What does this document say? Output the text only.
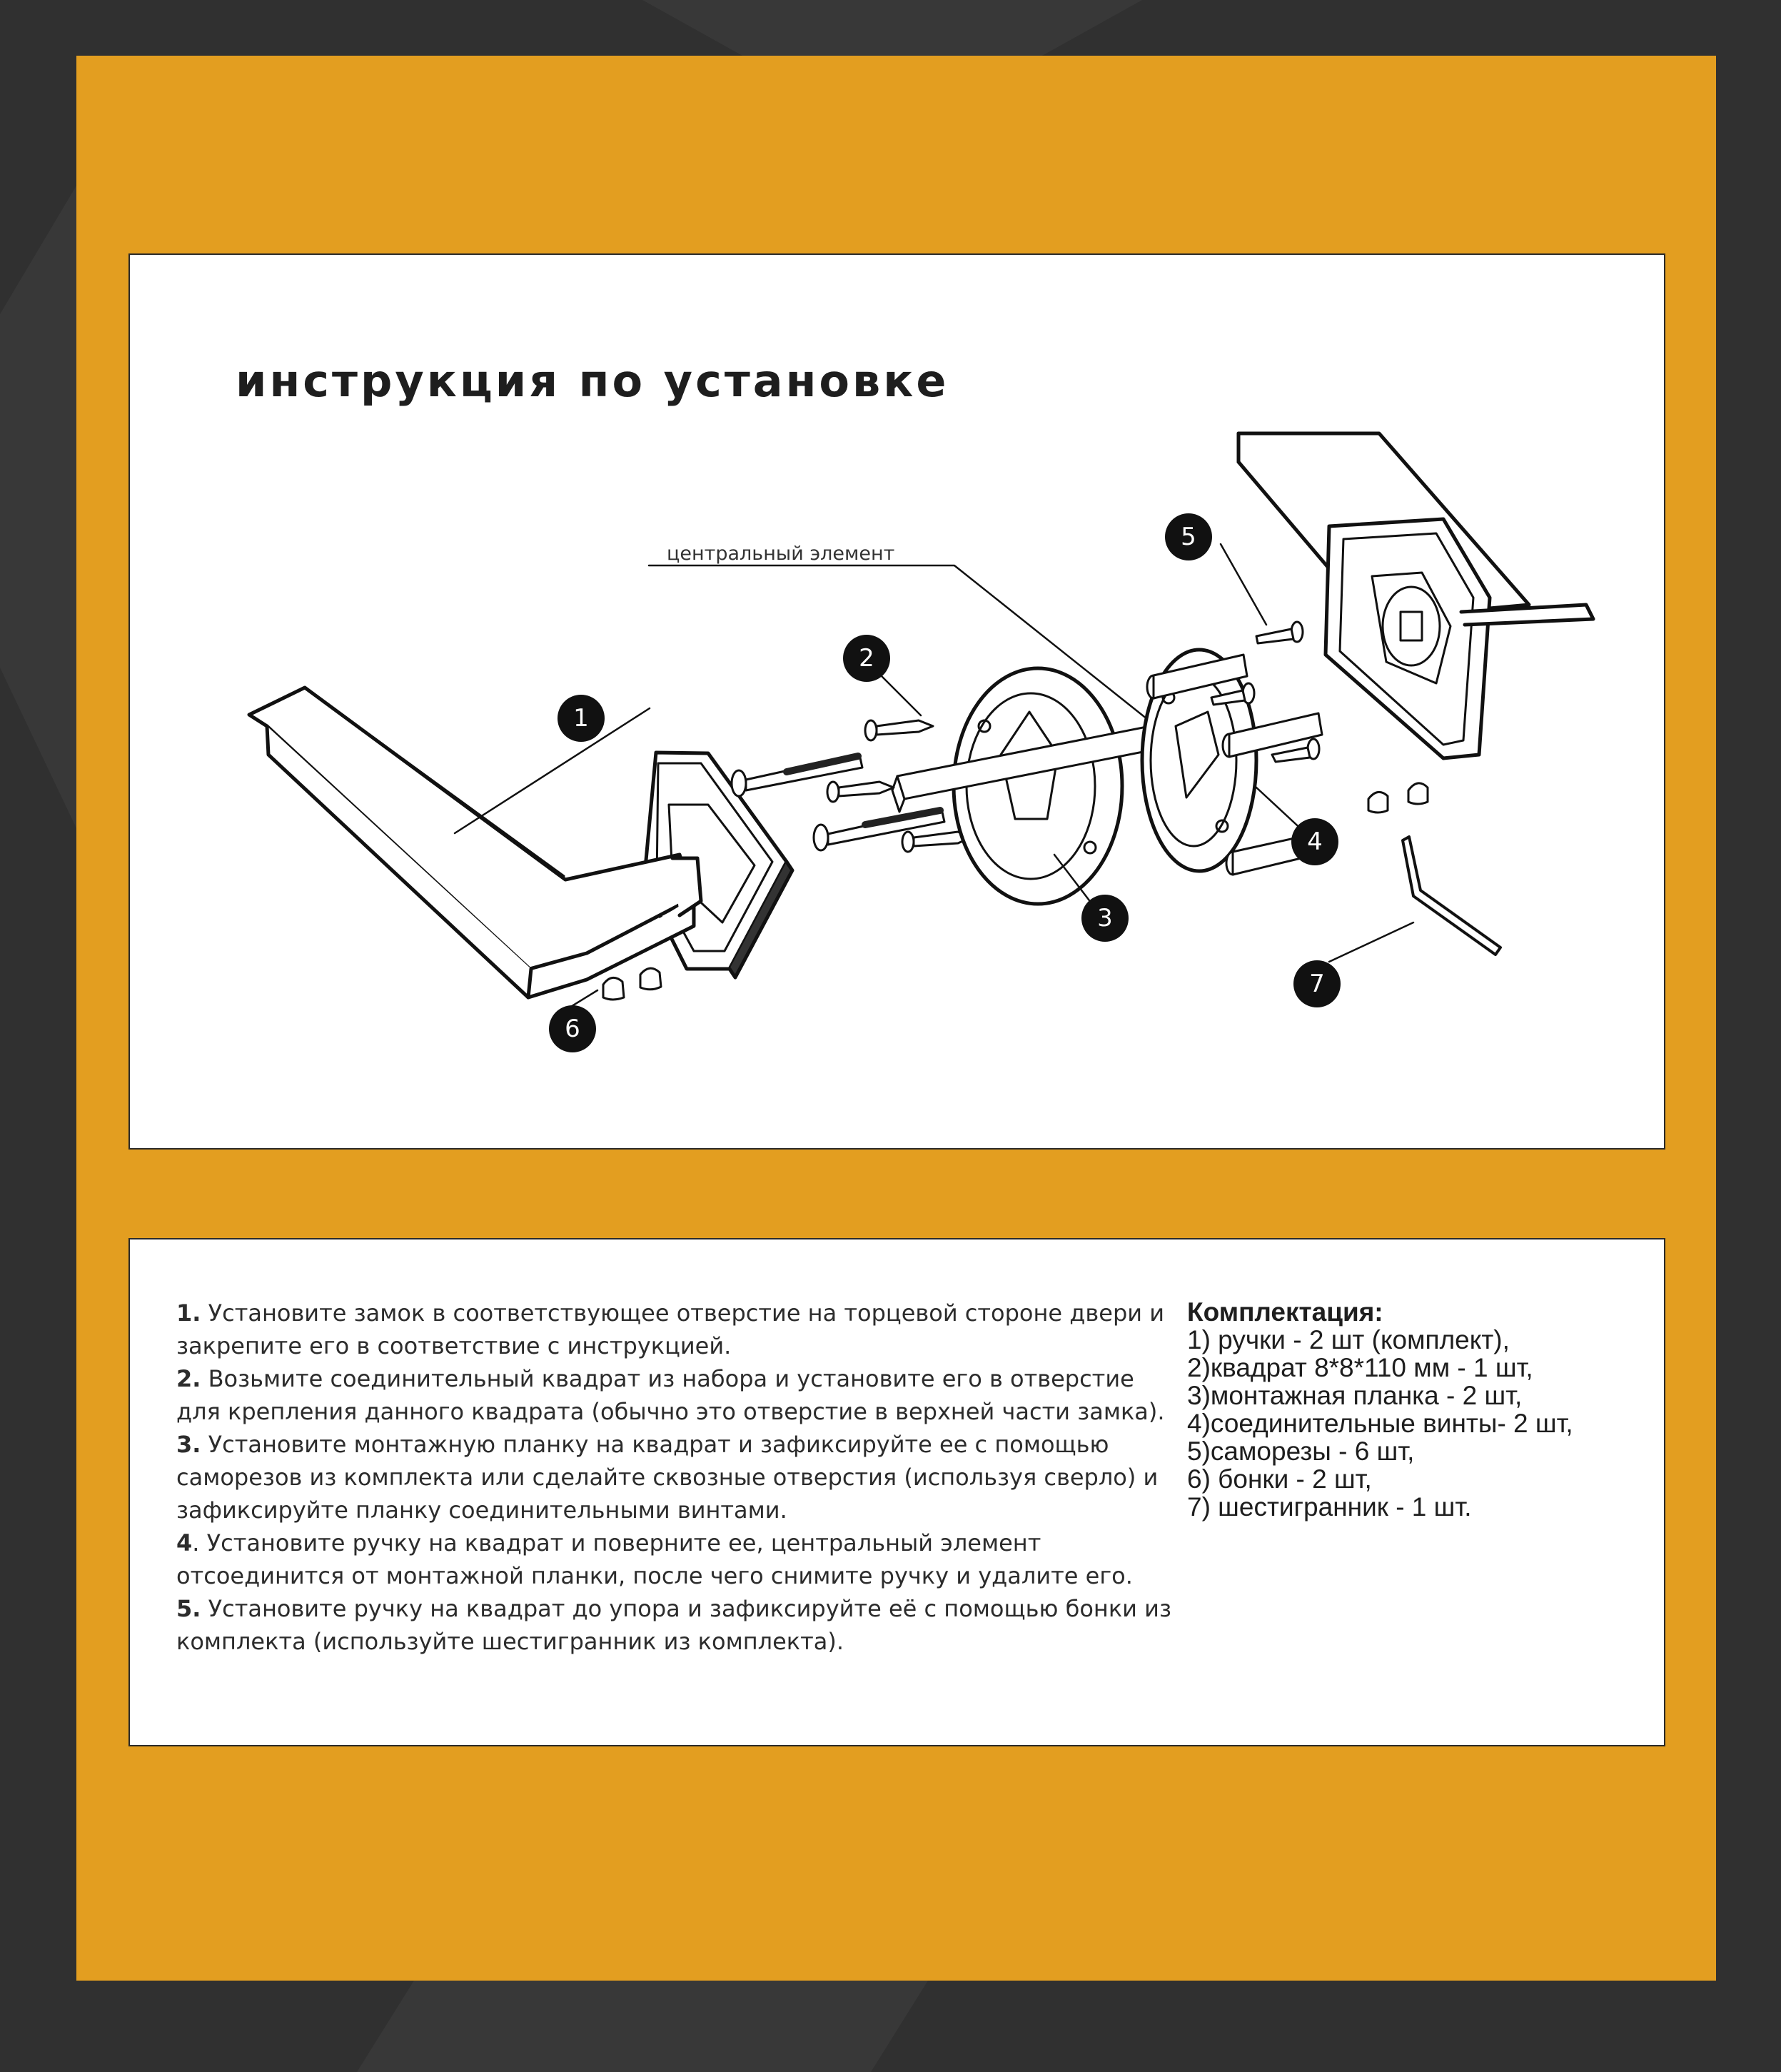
инструкция по установке
центральный элемент
1
2
3
4
5
6
7

1. Установите замок в соответствующее отверстие на торцевой стороне двери и закрепите его в соответствие с инструкцией.

2. Возьмите соединительный квадрат из набора и установите его в отверстие для крепления данного квадрата (обычно это отверстие в верхней части замка).

3. Установите монтажную планку на квадрат и зафиксируйте ее с помощью саморезов из комплекта или сделайте сквозные отверстия (используя сверло) и зафиксируйте планку соединительными винтами.

4. Установите ручку на квадрат и поверните ее, центральный элемент отсоединится от монтажной планки, после чего снимите ручку и удалите его.

5. Установите ручку на квадрат до упора и зафиксируйте её с помощью бонки из комплекта (используйте шестигранник из комплекта).

Комплектация:
1) ручки - 2 шт (комплект),
2)квадрат 8*8*110 мм - 1 шт,
3)монтажная планка - 2 шт,
4)соединительные винты- 2 шт,
5)саморезы - 6 шт,
6) бонки - 2 шт,
7) шестигранник - 1 шт.
